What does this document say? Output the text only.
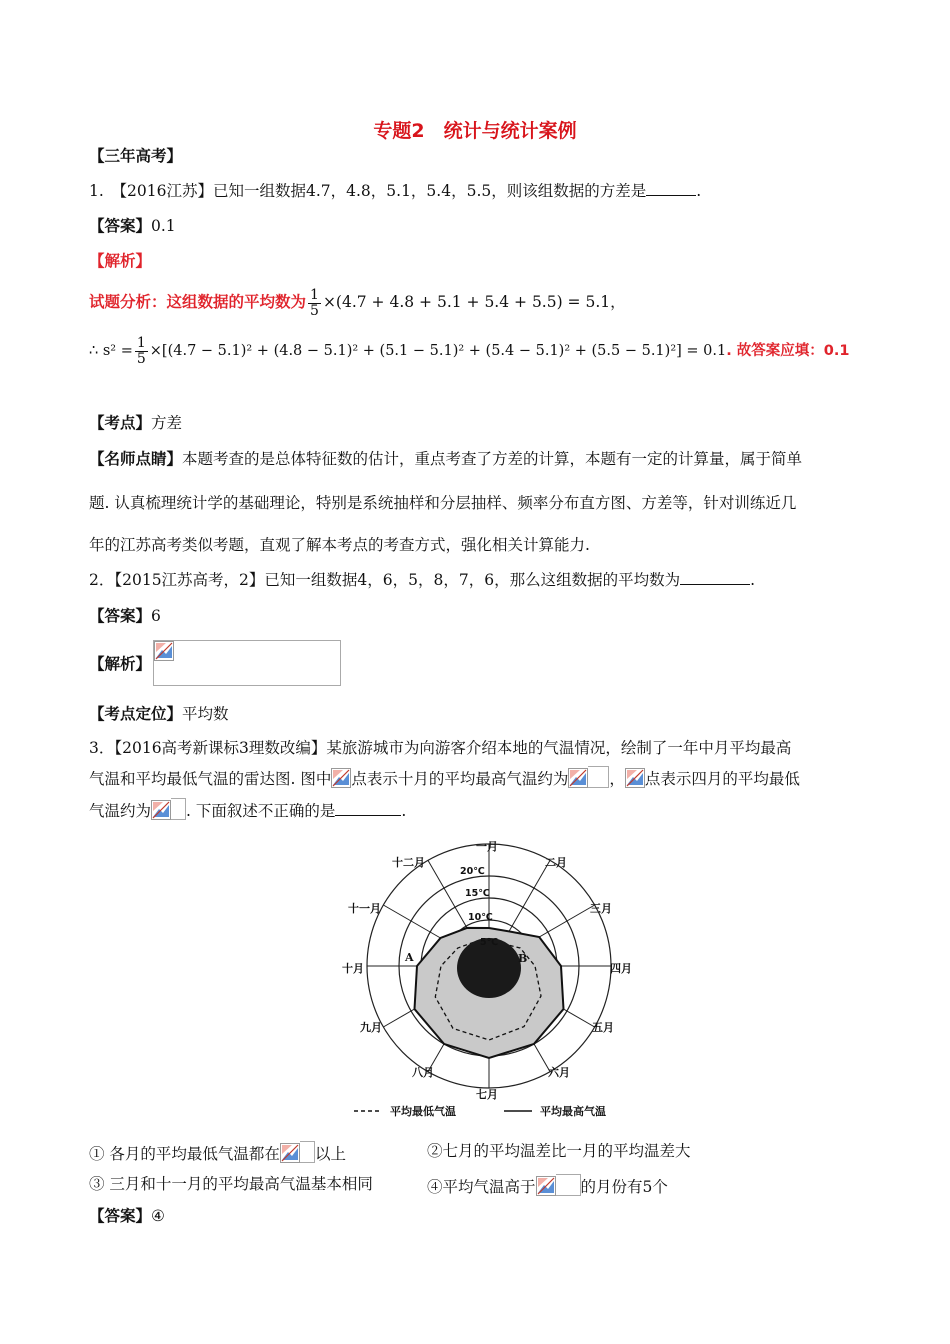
专题2　统计与统计案例
【三年高考】
1.　【2016江苏】已知一组数据4.7，4.8，5.1，5.4，5.5，则该组数据的方差是	.
【答案】0.1
【解析】
试题分析：这组数据的平均数为 $\frac{1}{5} \times(4.7 + 4.8 + 5.1 + 5.4 + 5.5) = 5.1$，
∴ $s^2 = \frac{1}{5} \times[(4.7 - 5.1)^2 + (4.8 - 5.1)^2 + (5.1 - 5.1)^2 + (5.4 - 5.1)^2 + (5.5 - 5.1)^2] = 0.1$. 故答案应填：0.1
【考点】方差
【名师点睛】本题考查的是总体特征数的估计，重点考查了方差的计算，本题有一定的计算量，属于简单
题. 认真梳理统计学的基础理论，特别是系统抽样和分层抽样、频率分布直方图、方差等，针对训练近几
年的江苏高考类似考题，直观了解本考点的考查方式，强化相关计算能力.
2．【2015江苏高考，2】已知一组数据4，6，5，8，7，6，那么这组数据的平均数为	.
【答案】6
【解析】
【考点定位】平均数
3．【2016高考新课标3理数改编】某旅游城市为向游客介绍本地的气温情况，绘制了一年中月平均最高
气温和平均最低气温的雷达图. 图中 点表示十月的平均最高气温约为	， 点表示四月的平均最低
气温约为 . 下面叙述不正确的是	.
一月
二月
三月
四月
五月
六月
七月
八月
九月
十月
十一月
十二月
20℃
15℃
10℃
5℃
A	B
平均最低气温	平均最高气温
① 各月的平均最低气温都在 以上	②七月的平均温差比一月的平均温差大
③ 三月和十一月的平均最高气温基本相同	④平均气温高于	的月份有5个
【答案】④
